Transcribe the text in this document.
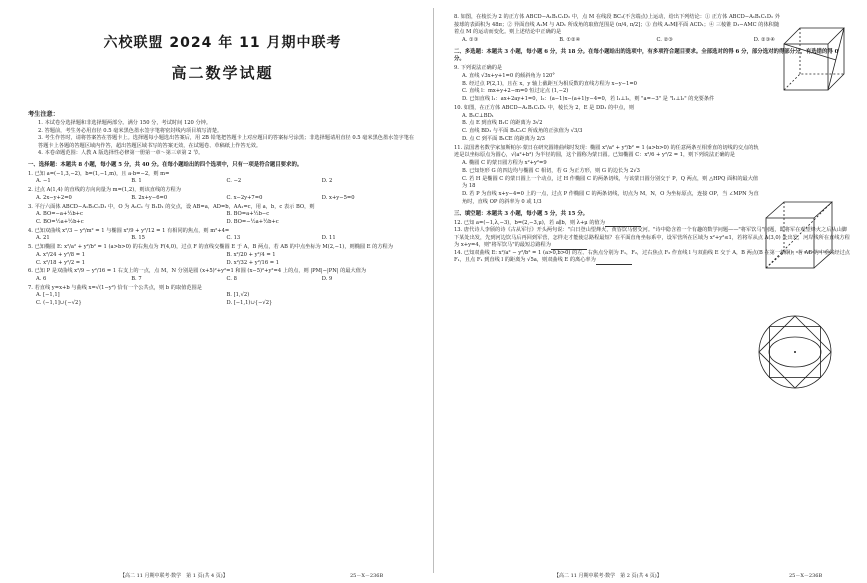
六校联盟 2024 年 11 月期中联考
高二数学试题
考生注意：

1. 本试卷分选择题和非选择题两部分。满分 150 分，考试时间 120 分钟。

2. 答题前，考生务必用直径 0.5 毫米黑色墨水签字笔将密封线内项目填写清楚。

3. 考生作答时，请将答案答在答题卡上。选择题每小题选出答案后，用 2B 铅笔把答题卡上对应题目的答案标号涂黑；非选择题请用直径 0.5 毫米黑色墨水签字笔在答题卡上各题的答题区域内作答，超出答题区域书写的答案无效，在试题卷、草稿纸上作答无效。

4. 本卷命题范围：人教 A 版选择性必修第一册第一章～第三章第 2 节。

一、选择题：本题共 8 小题，每小题 5 分，共 40 分。在每小题给出的四个选项中，只有一项是符合题目要求的。

1. 已知 a=(−1,3,−2)，b=(1,−1,m)，且 a·b=−2，则 m=

A. −1	B. 1	C. −2	D. 2

2. 过点 A(1,4) 的直线的方向向量为 m=(1,2)，则该直线的方程为

A. 2x−y+2=0	B. 2x+y−6=0	C. x−2y+7=0	D. x+y−5=0

3. 平行六面体 ABCD−A₁B₁C₁D₁ 中，O 为 A₁C₁ 与 B₁D₁ 的交点，设 AB=a，AD=b，AA₁=c，用 a，b，c 表示 BO，则

A. BO=−a+½b+c	B. BO=a+½b−c
C. BO=½a+½b+c	D. BO=−½a+½b+c

4. 已知双曲线 x²/3 − y²/m² = 1 与椭圆 x²/9 + y²/12 = 1 有相同的焦点，则 m²+4=

A. 21	B. 15	C. 13	D. 11

5. 已知椭圆 E: x²/a² + y²/b² = 1 (a>b>0) 的右焦点为 F(4,0)，过点 F 的直线交椭圆 E 于 A，B 两点，若 AB 的中点坐标为 M(2,−1)，则椭圆 E 的方程为

A. x²/24 + y²/8 = 1	B. x²/20 + y²/4 = 1
C. x²/18 + y²/2 = 1	D. x²/32 + y²/16 = 1

6. 已知 P 是双曲线 x²/9 − y²/16 = 1 右支上的一点，点 M，N 分别是圆 (x+5)²+y²=1 和圆 (x−5)²+y²=4 上的点，则 |PM|−|PN| 的最大值为

A. 6	B. 7	C. 8	D. 9

7. 若直线 y=x+b 与曲线 x=√(1−y²) 恰有一个公共点，则 b 的取值范围是

A. [−1,1]	B. [1,√2)
C. (−1,1]∪{−√2}	D. [−1,1)∪{−√2}
【高二 11 月期中联考·数学　第 1 页(共 4 页)】	25－X－236B

8. 如图，在棱长为 2 的正方体 ABCD−A₁B₁C₁D₁ 中，点 M 在线段 BC₁(不含端点)上运动，给出下列结论：① 正方体 ABCD−A₁B₁C₁D₁ 外接球的表面积为 48π；② 异面直线 A₁M 与 AD₁ 所成角的取值范围是 (π/4, π/2]；③ 直线 A₁M∥平面 ACD₁；④ 三棱锥 D₁−AMC 的体积随着点 M 的运动而变化。则上述结论中正确的是

A. ①③	B. ①②④	C. ②③	D. ②③④
二、多选题：本题共 3 小题，每小题 6 分，共 18 分。在每小题给出的选项中，有多项符合题目要求。全部选对的得 6 分，部分选对的得部分分，有选错的得 0 分。

9. 下列说法正确的是

A. 直线 √3x+y+1=0 的倾斜角为 120°
B. 经过点 P(2,1)，且在 x，y 轴上截距互为相反数的直线方程为 x−y−1=0
C. 直线 l：mx+y+2−m=0 恒过定点 (1,−2)
D. 已知直线 l₁：ax+2ay+1=0，l₂：(a−1)x−(a+1)y−4=0，若 l₁⊥l₂，则 "a=−3" 是 "l₁⊥l₂" 的充要条件

10. 如图，在正方体 ABCD−A₁B₁C₁D₁ 中，棱长为 2，E 是 DD₁ 的中点，则

A. B₁C⊥BD₁
B. 点 E 到直线 B₁C 的距离为 3√2
C. 直线 BD₁ 与平面 B₁C₁C 所成角的正弦值为 √3/3
D. 点 C 到平面 B₁CE 的距离为 2/3

11. 法国著名数学家加斯帕尔·蒙日在研究圆锥曲线时发现：椭圆 x²/a² + y²/b² = 1 (a>b>0) 的任意两条互相垂直的切线的交点的轨迹是以坐标原点为圆心，√(a²+b²) 为半径的圆，这个圆称为蒙日圆。已知椭圆 C：x²/6 + y²/2 = 1，则下列说法正确的是

A. 椭圆 C 的蒙日圆方程为 x²+y²=9
B. 已知矩形 G 的四边均与椭圆 C 相切，若 G 为正方形，则 G 的边长为 2√3
C. 若 H 是椭圆 C 的蒙日圆上一个动点，过 H 作椭圆 C 的两条切线，与该蒙日圆分别交于 P，Q 两点，则 △HPQ 面积的最大值为 18
D. 若 P 为直线 x+y−4=0 上的一点，过点 P 作椭圆 C 的两条切线，切点为 M，N，O 为坐标原点，连接 OP，当 ∠MPN 为直角时，直线 OP 的斜率为 0 或 1/3
三、填空题：本题共 3 小题，每小题 5 分，共 15 分。

12. 已知 a=(−1,λ,−3)，b=(2,−3,μ)，若 a∥b，则 λ+μ 的值为

13. 唐代诗人李颀的诗《古从军行》开头两句说："白日登山望烽火，黄昏饮马傍交河。"诗中隐含着一个有趣的数学问题——"将军饮马"问题，即将军在观望烽火之后从山脚下某处出发，先到河边饮马后再回到军营，怎样走才能使总路程最短？在平面直角坐标系中，设军营所在区域为 x²+y²≤1，若将军从点 A(3,0) 处出发，河岸线所在直线方程为 x+y=4，则"将军饮马"的最短总路程为

14. 已知双曲线 E: x²/a² − y²/b² = 1 (a>0,b>0) 的左、右焦点分别为 F₁，F₂，过右焦点 F₂ 作直线 l 与双曲线 E 交于 A，B 两点(B 在第一象限)，若 AB 的中垂线经过点 F₁，且点 F₁ 到直线 l 的距离为 √5a，则双曲线 E 的离心率为

【高二 11 月期中联考·数学　第 2 页(共 4 页)】	25－X－236B
